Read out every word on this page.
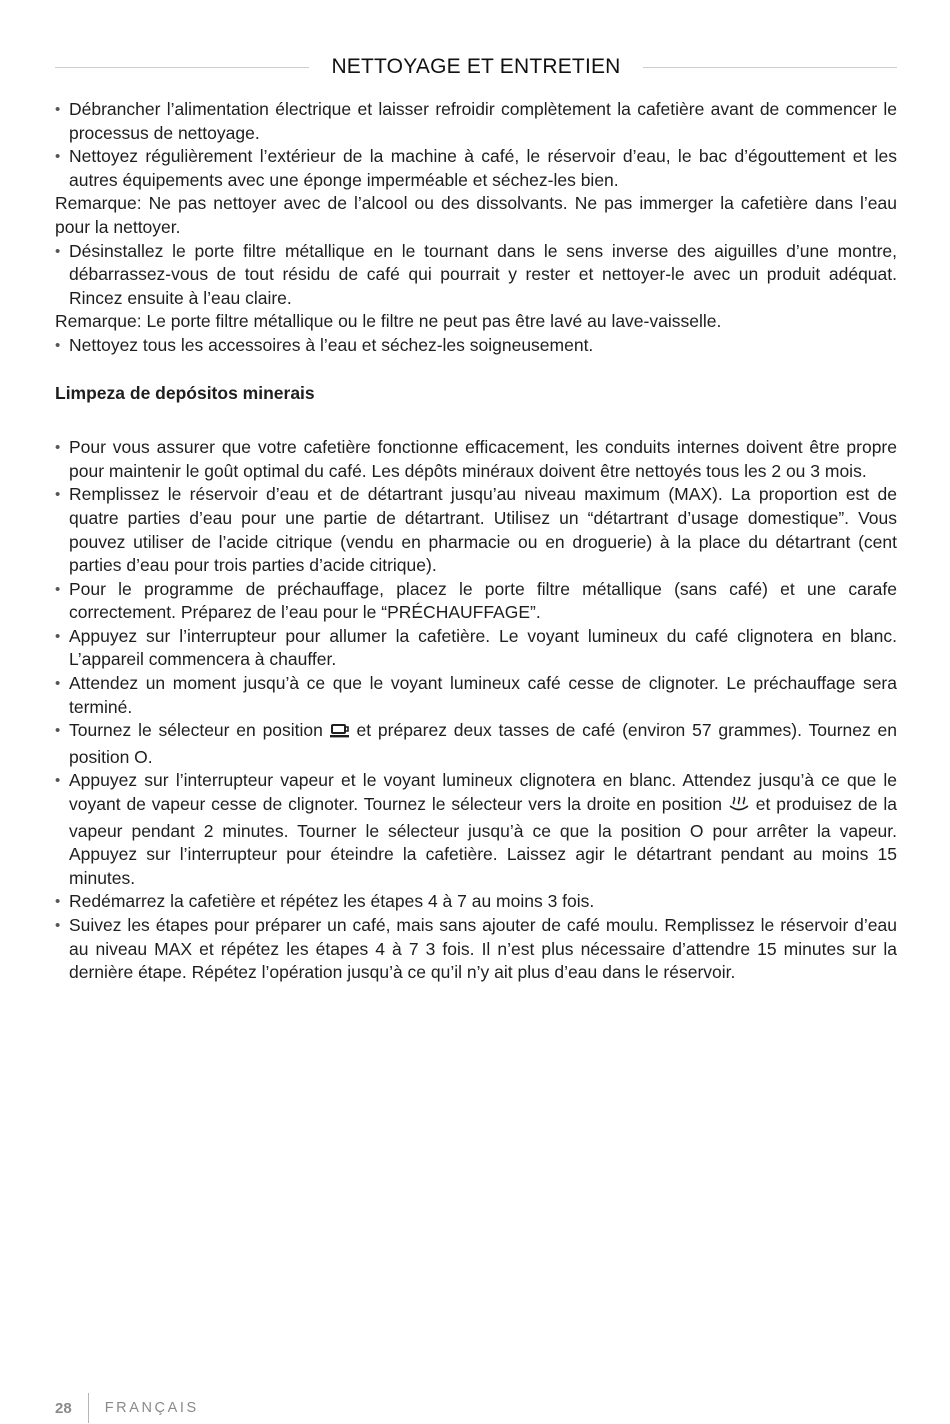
NETTOYAGE ET ENTRETIEN

• Débrancher l’alimentation électrique et laisser refroidir complètement la cafetière avant de commencer le processus de nettoyage.

• Nettoyez régulièrement l’extérieur de la machine à café, le réservoir d’eau, le bac d’égouttement et les autres équipements avec une éponge imperméable et séchez-les bien.

Remarque: Ne pas nettoyer avec de l’alcool ou des dissolvants. Ne pas immerger la cafetière dans l’eau pour la nettoyer.

• Désinstallez le porte filtre métallique en le tournant dans le sens inverse des aiguilles d’une montre, débarrassez-vous de tout résidu de café qui pourrait y rester et nettoyer-le avec un produit adéquat. Rincez ensuite à l’eau claire.

Remarque: Le porte filtre métallique ou le filtre ne peut pas être lavé au lave-vaisselle.

• Nettoyez tous les accessoires à l’eau et séchez-les soigneusement.

Limpeza de depósitos minerais

• Pour vous assurer que votre cafetière fonctionne efficacement, les conduits internes doivent être propre pour maintenir le goût optimal du café. Les dépôts minéraux doivent être nettoyés tous les 2 ou 3 mois.

• Remplissez le réservoir d’eau et de détartrant jusqu’au niveau maximum (MAX). La proportion est de quatre parties d’eau pour une partie de détartrant. Utilisez un “détartrant d’usage domestique”. Vous pouvez utiliser de l’acide citrique (vendu en pharmacie ou en droguerie) à la place du détartrant (cent parties d’eau pour trois parties d’acide citrique).

• Pour le programme de préchauffage, placez le porte filtre métallique (sans café) et une carafe correctement. Préparez de l’eau pour le “PRÉCHAUFFAGE”.

• Appuyez sur l’interrupteur pour allumer la cafetière. Le voyant lumineux du café clignotera en blanc. L’appareil commencera à chauffer.

• Attendez un moment jusqu’à ce que le voyant lumineux café cesse de clignoter. Le préchauffage sera terminé.

• Tournez le sélecteur en position  et préparez deux tasses de café (environ 57 grammes). Tournez en position O.

• Appuyez sur l’interrupteur vapeur et le voyant lumineux clignotera en blanc. Attendez jusqu’à ce que le voyant de vapeur cesse de clignoter. Tournez le sélecteur vers la droite en position  et produisez de la vapeur pendant 2 minutes. Tourner le sélecteur jusqu’à ce que la position O pour arrêter la vapeur. Appuyez sur l’interrupteur pour éteindre la cafetière. Laissez agir le détartrant pendant au moins 15 minutes.

• Redémarrez la cafetière et répétez les étapes 4 à 7 au moins 3 fois.

• Suivez les étapes pour préparer un café, mais sans ajouter de café moulu. Remplissez le réservoir d’eau au niveau MAX et répétez les étapes 4 à 7 3 fois. Il n’est plus nécessaire d’attendre 15 minutes sur la dernière étape. Répétez l’opération jusqu’à ce qu’il n’y ait plus d’eau dans le réservoir.

28 FRANÇAIS
